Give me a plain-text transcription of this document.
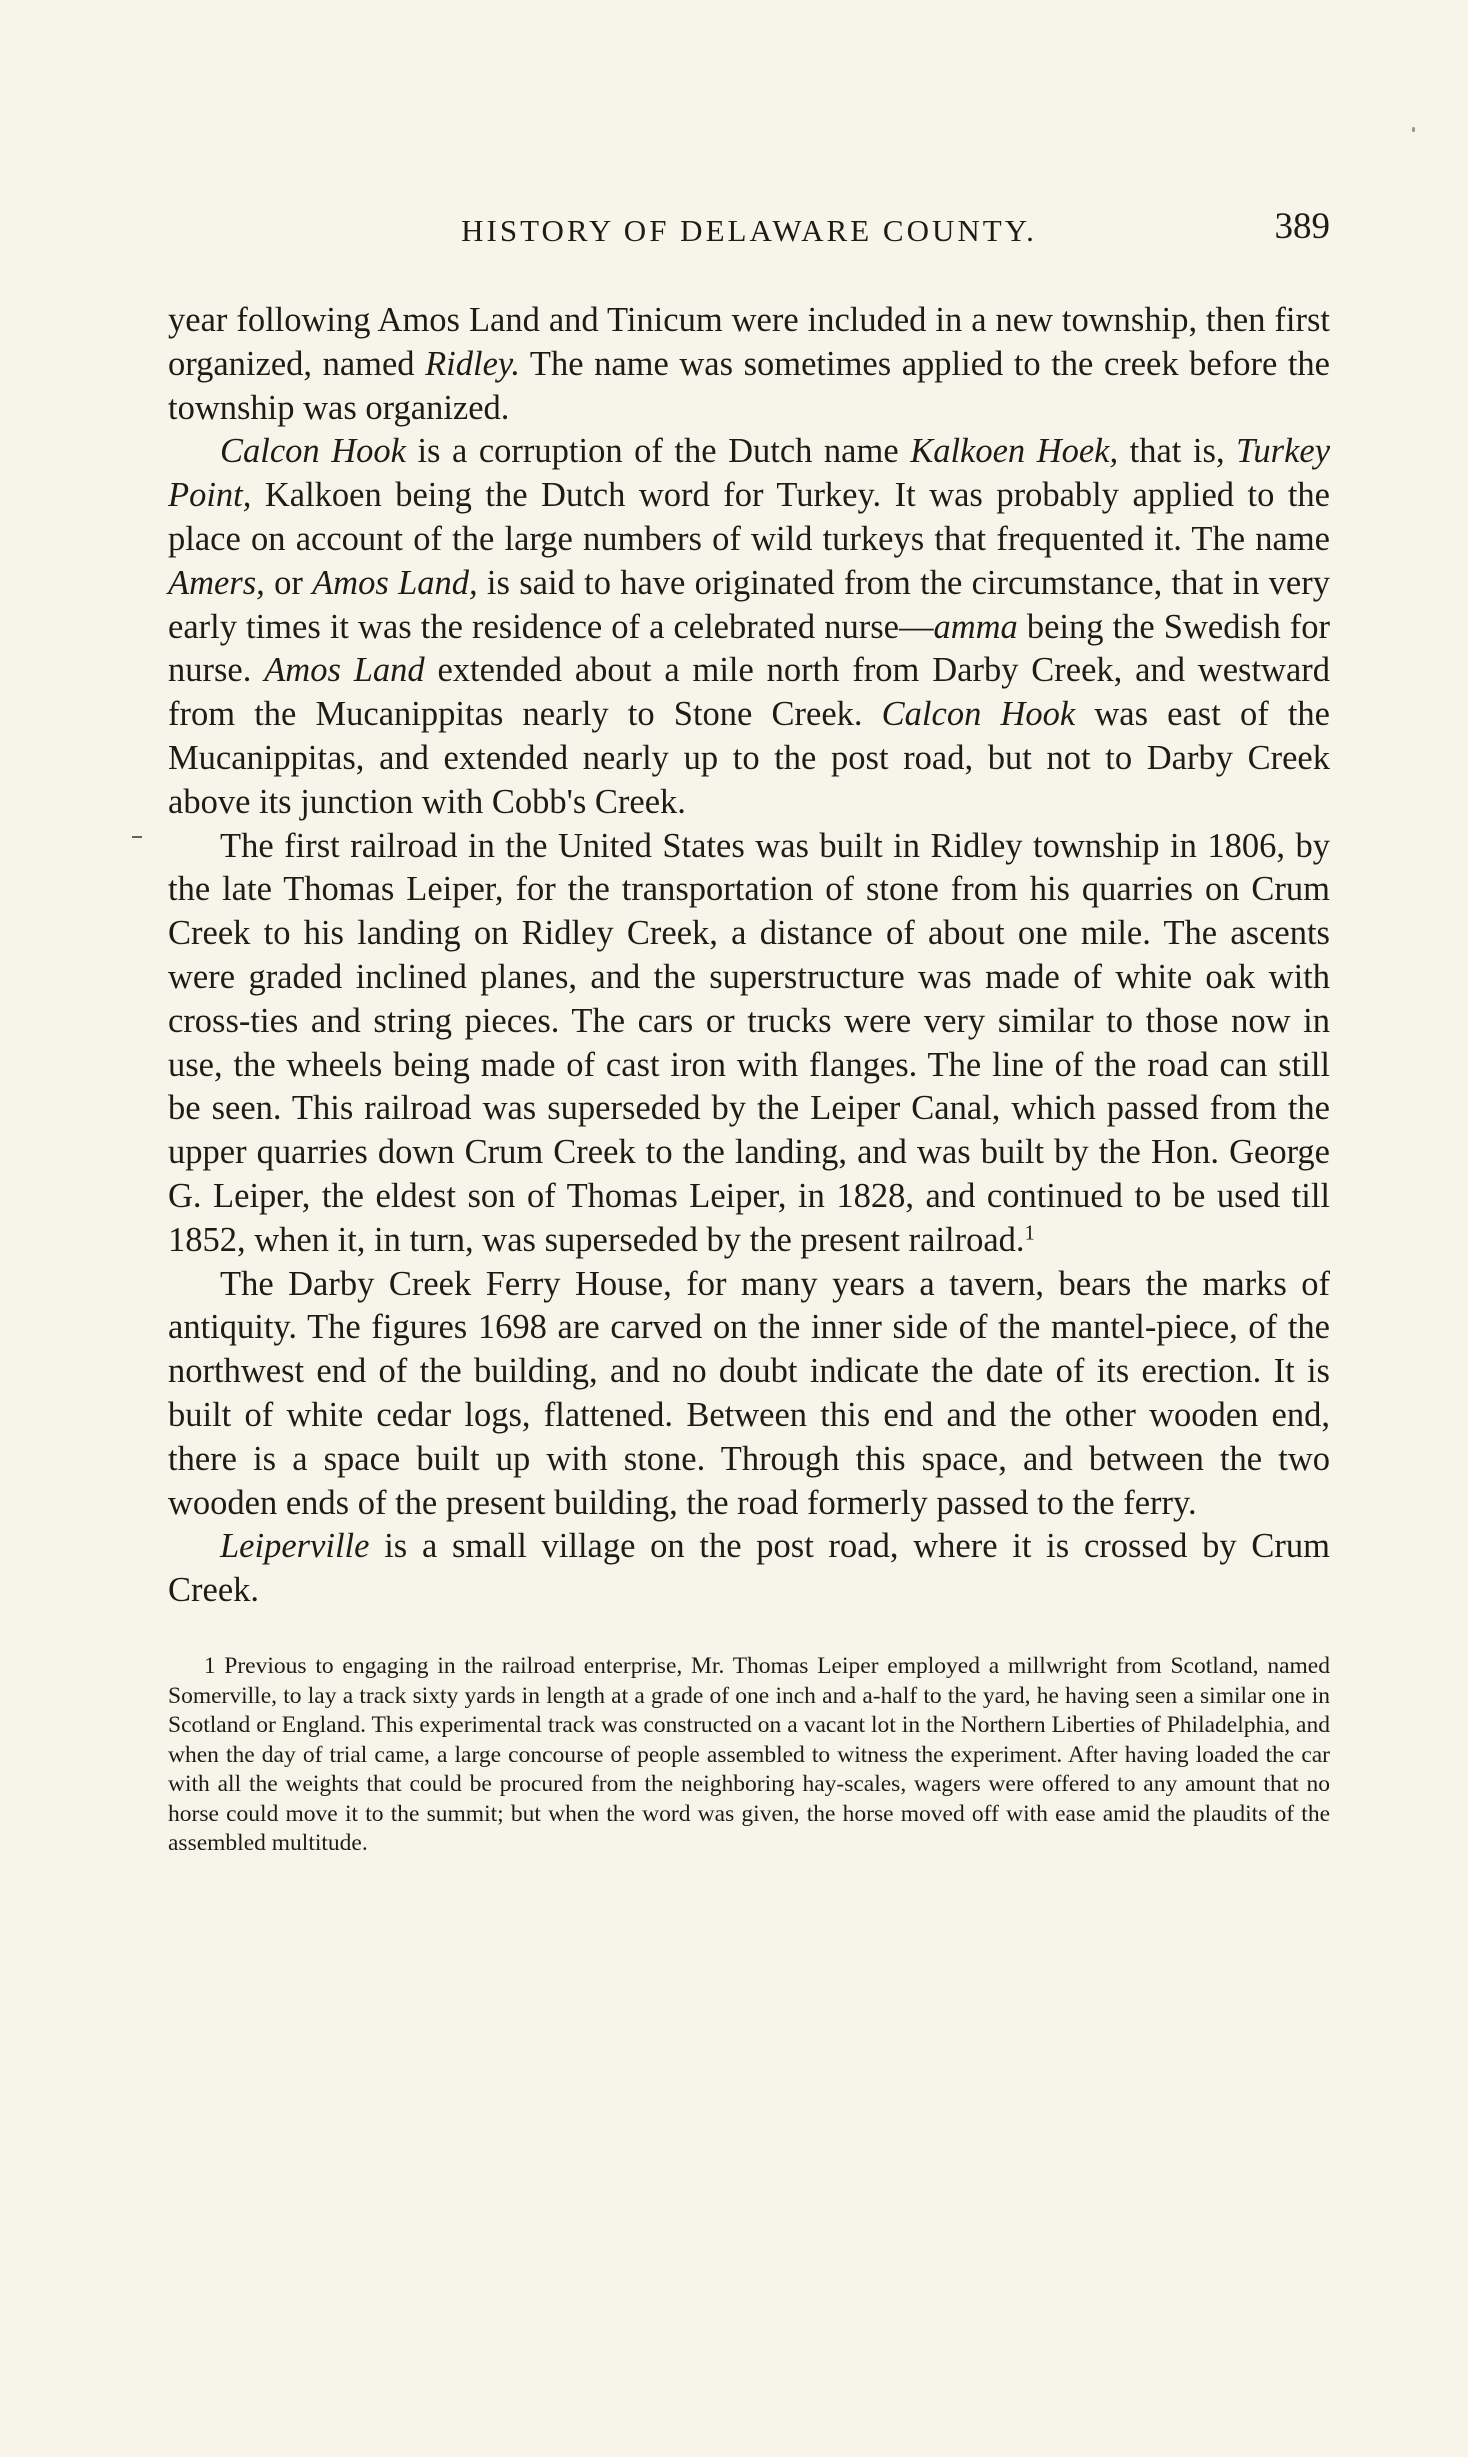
HISTORY OF DELAWARE COUNTY.	389

year following Amos Land and Tinicum were included in a new township, then first organized, named Ridley. The name was sometimes applied to the creek before the township was organized.

Calcon Hook is a corruption of the Dutch name Kalkoen Hoek, that is, Turkey Point, Kalkoen being the Dutch word for Turkey. It was probably applied to the place on account of the large numbers of wild turkeys that frequented it. The name Amers, or Amos Land, is said to have originated from the circumstance, that in very early times it was the residence of a celebrated nurse—amma being the Swedish for nurse. Amos Land extended about a mile north from Darby Creek, and westward from the Mucanippitas nearly to Stone Creek. Calcon Hook was east of the Mucanippitas, and extended nearly up to the post road, but not to Darby Creek above its junction with Cobb's Creek.

The first railroad in the United States was built in Ridley township in 1806, by the late Thomas Leiper, for the transportation of stone from his quarries on Crum Creek to his landing on Ridley Creek, a distance of about one mile. The ascents were graded inclined planes, and the superstructure was made of white oak with cross-ties and string pieces. The cars or trucks were very similar to those now in use, the wheels being made of cast iron with flanges. The line of the road can still be seen. This railroad was superseded by the Leiper Canal, which passed from the upper quarries down Crum Creek to the landing, and was built by the Hon. George G. Leiper, the eldest son of Thomas Leiper, in 1828, and continued to be used till 1852, when it, in turn, was superseded by the present railroad.$^1$

The Darby Creek Ferry House, for many years a tavern, bears the marks of antiquity. The figures 1698 are carved on the inner side of the mantel-piece, of the northwest end of the building, and no doubt indicate the date of its erection. It is built of white cedar logs, flattened. Between this end and the other wooden end, there is a space built up with stone. Through this space, and between the two wooden ends of the present building, the road formerly passed to the ferry.

Leiperville is a small village on the post road, where it is crossed by Crum Creek.

1 Previous to engaging in the railroad enterprise, Mr. Thomas Leiper employed a millwright from Scotland, named Somerville, to lay a track sixty yards in length at a grade of one inch and a-half to the yard, he having seen a similar one in Scotland or England. This experimental track was constructed on a vacant lot in the Northern Liberties of Philadelphia, and when the day of trial came, a large concourse of people assembled to witness the experiment. After having loaded the car with all the weights that could be procured from the neighboring hay-scales, wagers were offered to any amount that no horse could move it to the summit; but when the word was given, the horse moved off with ease amid the plaudits of the assembled multitude.
